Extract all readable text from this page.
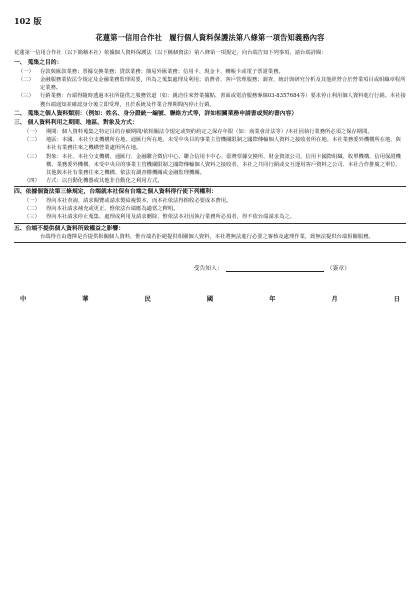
102 版
花蓮第一信用合作社　履行個人資料保護法第八條第一項告知義務內容
花蓮第一信用合作社（以下簡稱本社）依據個人資料保護法（以下稱個資法）第八條第一項規定，向台端告知下列事項，請台端詳閱：
一、 蒐集之目的：
（一）	存款與匯款業務；票據交換業務；貸款業務；簡易外匯業務；信用卡、現金卡、轉帳卡或電子票證業務。
（二）	金融服務業依法令規定及金融業務監理需要，所為之蒐集處理及利用；消費者、客戶管理服務；調查、統計與研究分析及其他經營合於營業項目或組織章程所定業務。
（三）	行銷業務：台端得隨時透過本社所提供之服務管道（如：親洽往來營業據點、書面或電洽服務專線03-8357684等）要求停止利用個人資料進行行銷。本社接獲台端通知並確認身分後立即受理，且於系統及作業合理期間內停止行銷。
二、 蒐集之個人資料類別：（例如：姓名、身分證統一編號、聯絡方式等，詳如相關業務申請書或契約書內容）
三、 個人資料利用之期間、地區、對象及方式：
（一）	期間：個人資料蒐集之特定目的存續期間/依相關法令規定或契約約定之保存年限（如：商業會計法等）/本社因執行業務所必須之保存期間。
（二）	地區：本國、本社分支機構所在地、通匯行所在地、未受中央目的事業主管機關限制之國際傳輸個人資料之接收者所在地、本社業務委外機構所在地、與本社有業務往來之機構營業處所所在地。
（三）	對象：本社、本社分支機構、通匯行、金融聯合徵信中心、聯合信用卡中心、臺灣票據交換所、財金資訊公司、信用卡國際組織、收單機構、信用保證機構、業務委外機構、未受中央目的事業主管機關限制之國際傳輸個人資料之接收者、本社之共同行銷或交互運用客戶資料之公司、本社合作推廣之單位、其他與本社有業務往來之機構、依法有調查權機關或金融監理機關。
（四）	方式：以自動化機器或其他非自動化之利用方式。
四、依據個資法第三條規定，台端就本社保有台端之個人資料得行使下列權利：
（一）	得向本社查詢、請求閱覽或請求製給複製本，而本社依法得酌收必要成本費用。
（二）	得向本社請求補充或更正，惟依法台端應為適當之釋明。
（三）	得向本社請求停止蒐集、處理或利用及請求刪除，惟依法本社因執行業務所必須者，得不依台端請求為之。
五、台端不提供個人資料所致權益之影響：
台端得自由選擇是否提供相關個人資料，惟台端若拒絕提供相關個人資料，本社將無法進行必要之審核及處理作業，致無法提供台端相關服務。
受告知人：	（簽章）
中	華	民	國	年	月	日
